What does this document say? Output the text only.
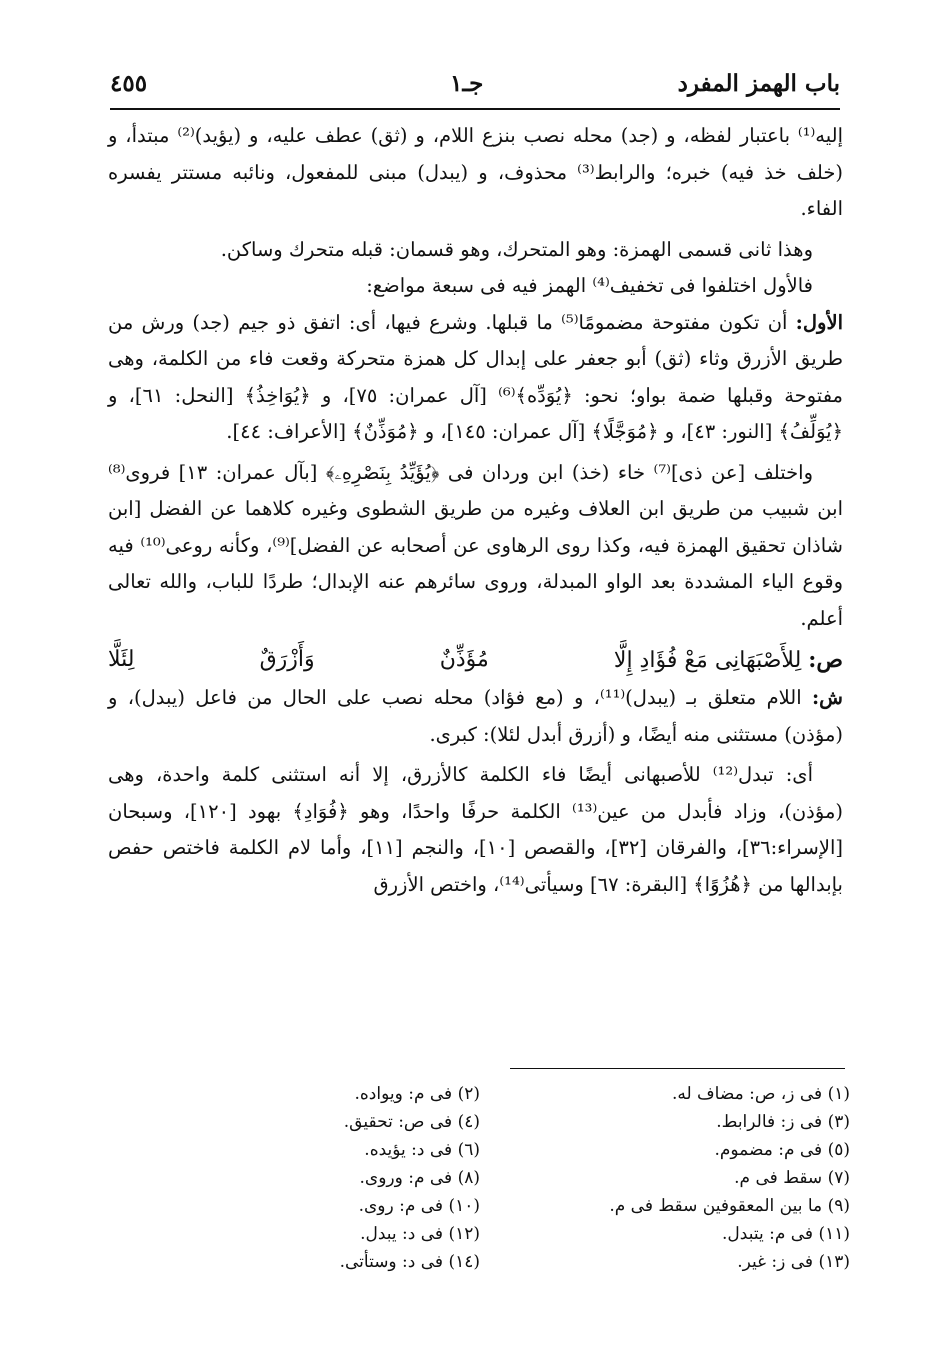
باب الهمز المفرد
جـ١
٤٥٥

إليه⁽¹⁾ باعتبار لفظه، و (جد) محله نصب بنزع اللام، و (ثق) عطف عليه، و (يؤيد)⁽²⁾ مبتدأ، و (خلف خذ فيه) خبره؛ والرابط⁽³⁾ محذوف، و (يبدل) مبنى للمفعول، ونائبه مستتر يفسره الفاء.

وهذا ثانى قسمى الهمزة: وهو المتحرك، وهو قسمان: قبله متحرك وساكن.

فالأول اختلفوا فى تخفيف⁽⁴⁾ الهمز فيه فى سبعة مواضع:

الأول: أن تكون مفتوحة مضمومًا⁽⁵⁾ ما قبلها. وشرع فيها، أى: اتفق ذو جيم (جد) ورش من طريق الأزرق وثاء (ثق) أبو جعفر على إبدال كل همزة متحركة وقعت فاء من الكلمة، وهى مفتوحة وقبلها ضمة بواو؛ نحو: ﴿يُوَدِّه﴾⁽⁶⁾ [آل عمران: ٧٥]، و ﴿يُوَاخِذُ﴾ [النحل: ٦١]، و ﴿يُوَلِّفُ﴾ [النور: ٤٣]، و ﴿مُوَجَّلًا﴾ [آل عمران: ١٤٥]، و ﴿مُوَذِّنٌ﴾ [الأعراف: ٤٤].

واختلف [عن ذى]⁽⁷⁾ خاء (خذ) ابن وردان فى ﴿يُؤَيِّدُ بِنَصْرِهِۦ﴾ [بآل عمران: ١٣] فروى⁽⁸⁾ ابن شبيب من طريق ابن العلاف وغيره من طريق الشطوى وغيره كلاهما عن الفضل [ابن شاذان تحقيق الهمزة فيه، وكذا روى الرهاوى عن أصحابه عن الفضل]⁽⁹⁾، وكأنه روعى⁽¹⁰⁾ فيه وقوع الياء المشددة بعد الواو المبدلة، وروى سائرهم عنه الإبدال؛ طردًا للباب، والله تعالى أعلم.

ص: لِلأَصْبَهَانِى مَعْ فُؤَادِ إِلَّا
مُؤَذِّنٌ
وَأَزْرَقٌ
لِئَلَّا

ش: اللام متعلق بـ (يبدل)⁽¹¹⁾، و (مع فؤاد) محله نصب على الحال من فاعل (يبدل)، و (مؤذن) مستثنى منه أيضًا، و (أزرق أبدل لئلا): كبرى.

أى: تبدل⁽¹²⁾ للأصبهانى أيضًا فاء الكلمة كالأزرق، إلا أنه استثنى كلمة واحدة، وهى (مؤذن)، وزاد فأبدل من عين⁽¹³⁾ الكلمة حرفًا واحدًا، وهو ﴿فُوَادِ﴾ بهود [١٢٠]، وسبحان [الإسراء:٣٦]، والفرقان [٣٢]، والقصص [١٠]، والنجم [١١]، وأما لام الكلمة فاختص حفص بإبدالها من ﴿هُزُوًا﴾ [البقرة: ٦٧] وسيأتى⁽¹⁴⁾، واختص الأزرق

(١) فى ز، ص: مضاف له.
(٢) فى م: ويواده.
(٣) فى ز: فالرابط.
(٤) فى ص: تحقيق.
(٥) فى م: مضموم.
(٦) فى د: يؤيده.
(٧) سقط فى م.
(٨) فى م: وروى.
(٩) ما بين المعقوفين سقط فى م.
(١٠) فى م: روى.
(١١) فى م: يتبدل.
(١٢) فى د: يبدل.
(١٣) فى ز: غير.
(١٤) فى د: وستأتى.
